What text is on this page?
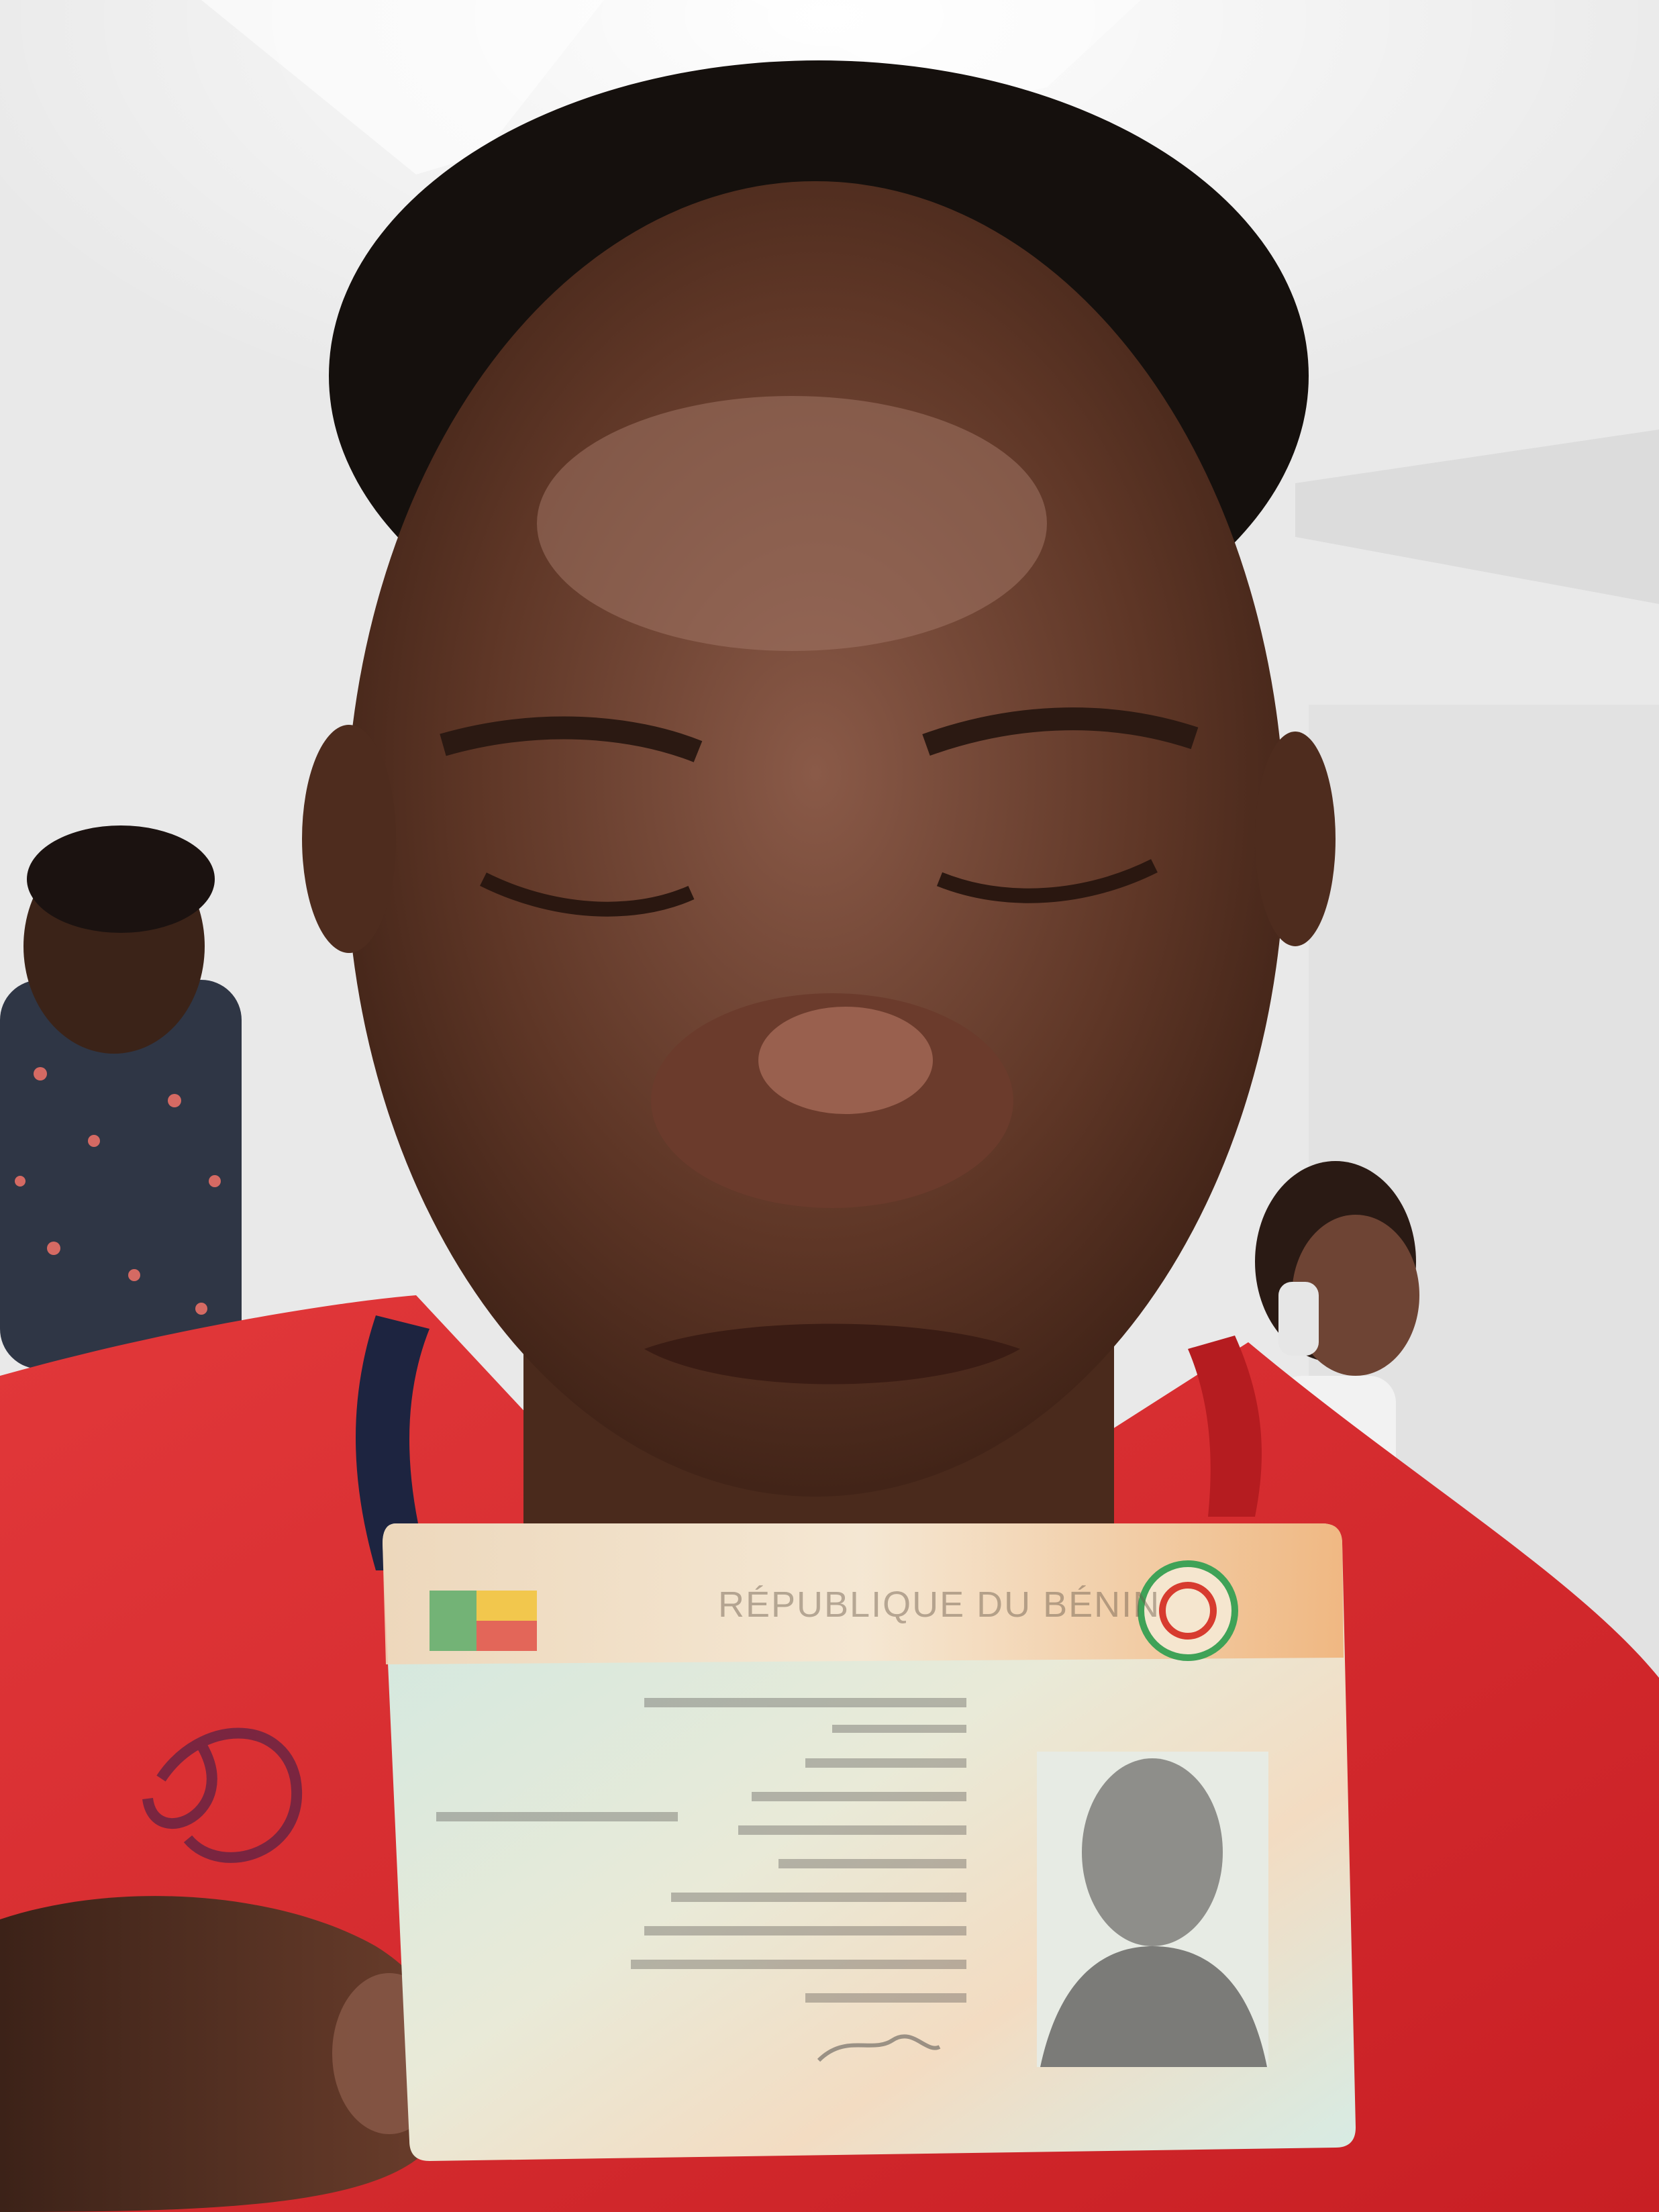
RÉPUBLIQUE DU BÉNIN
